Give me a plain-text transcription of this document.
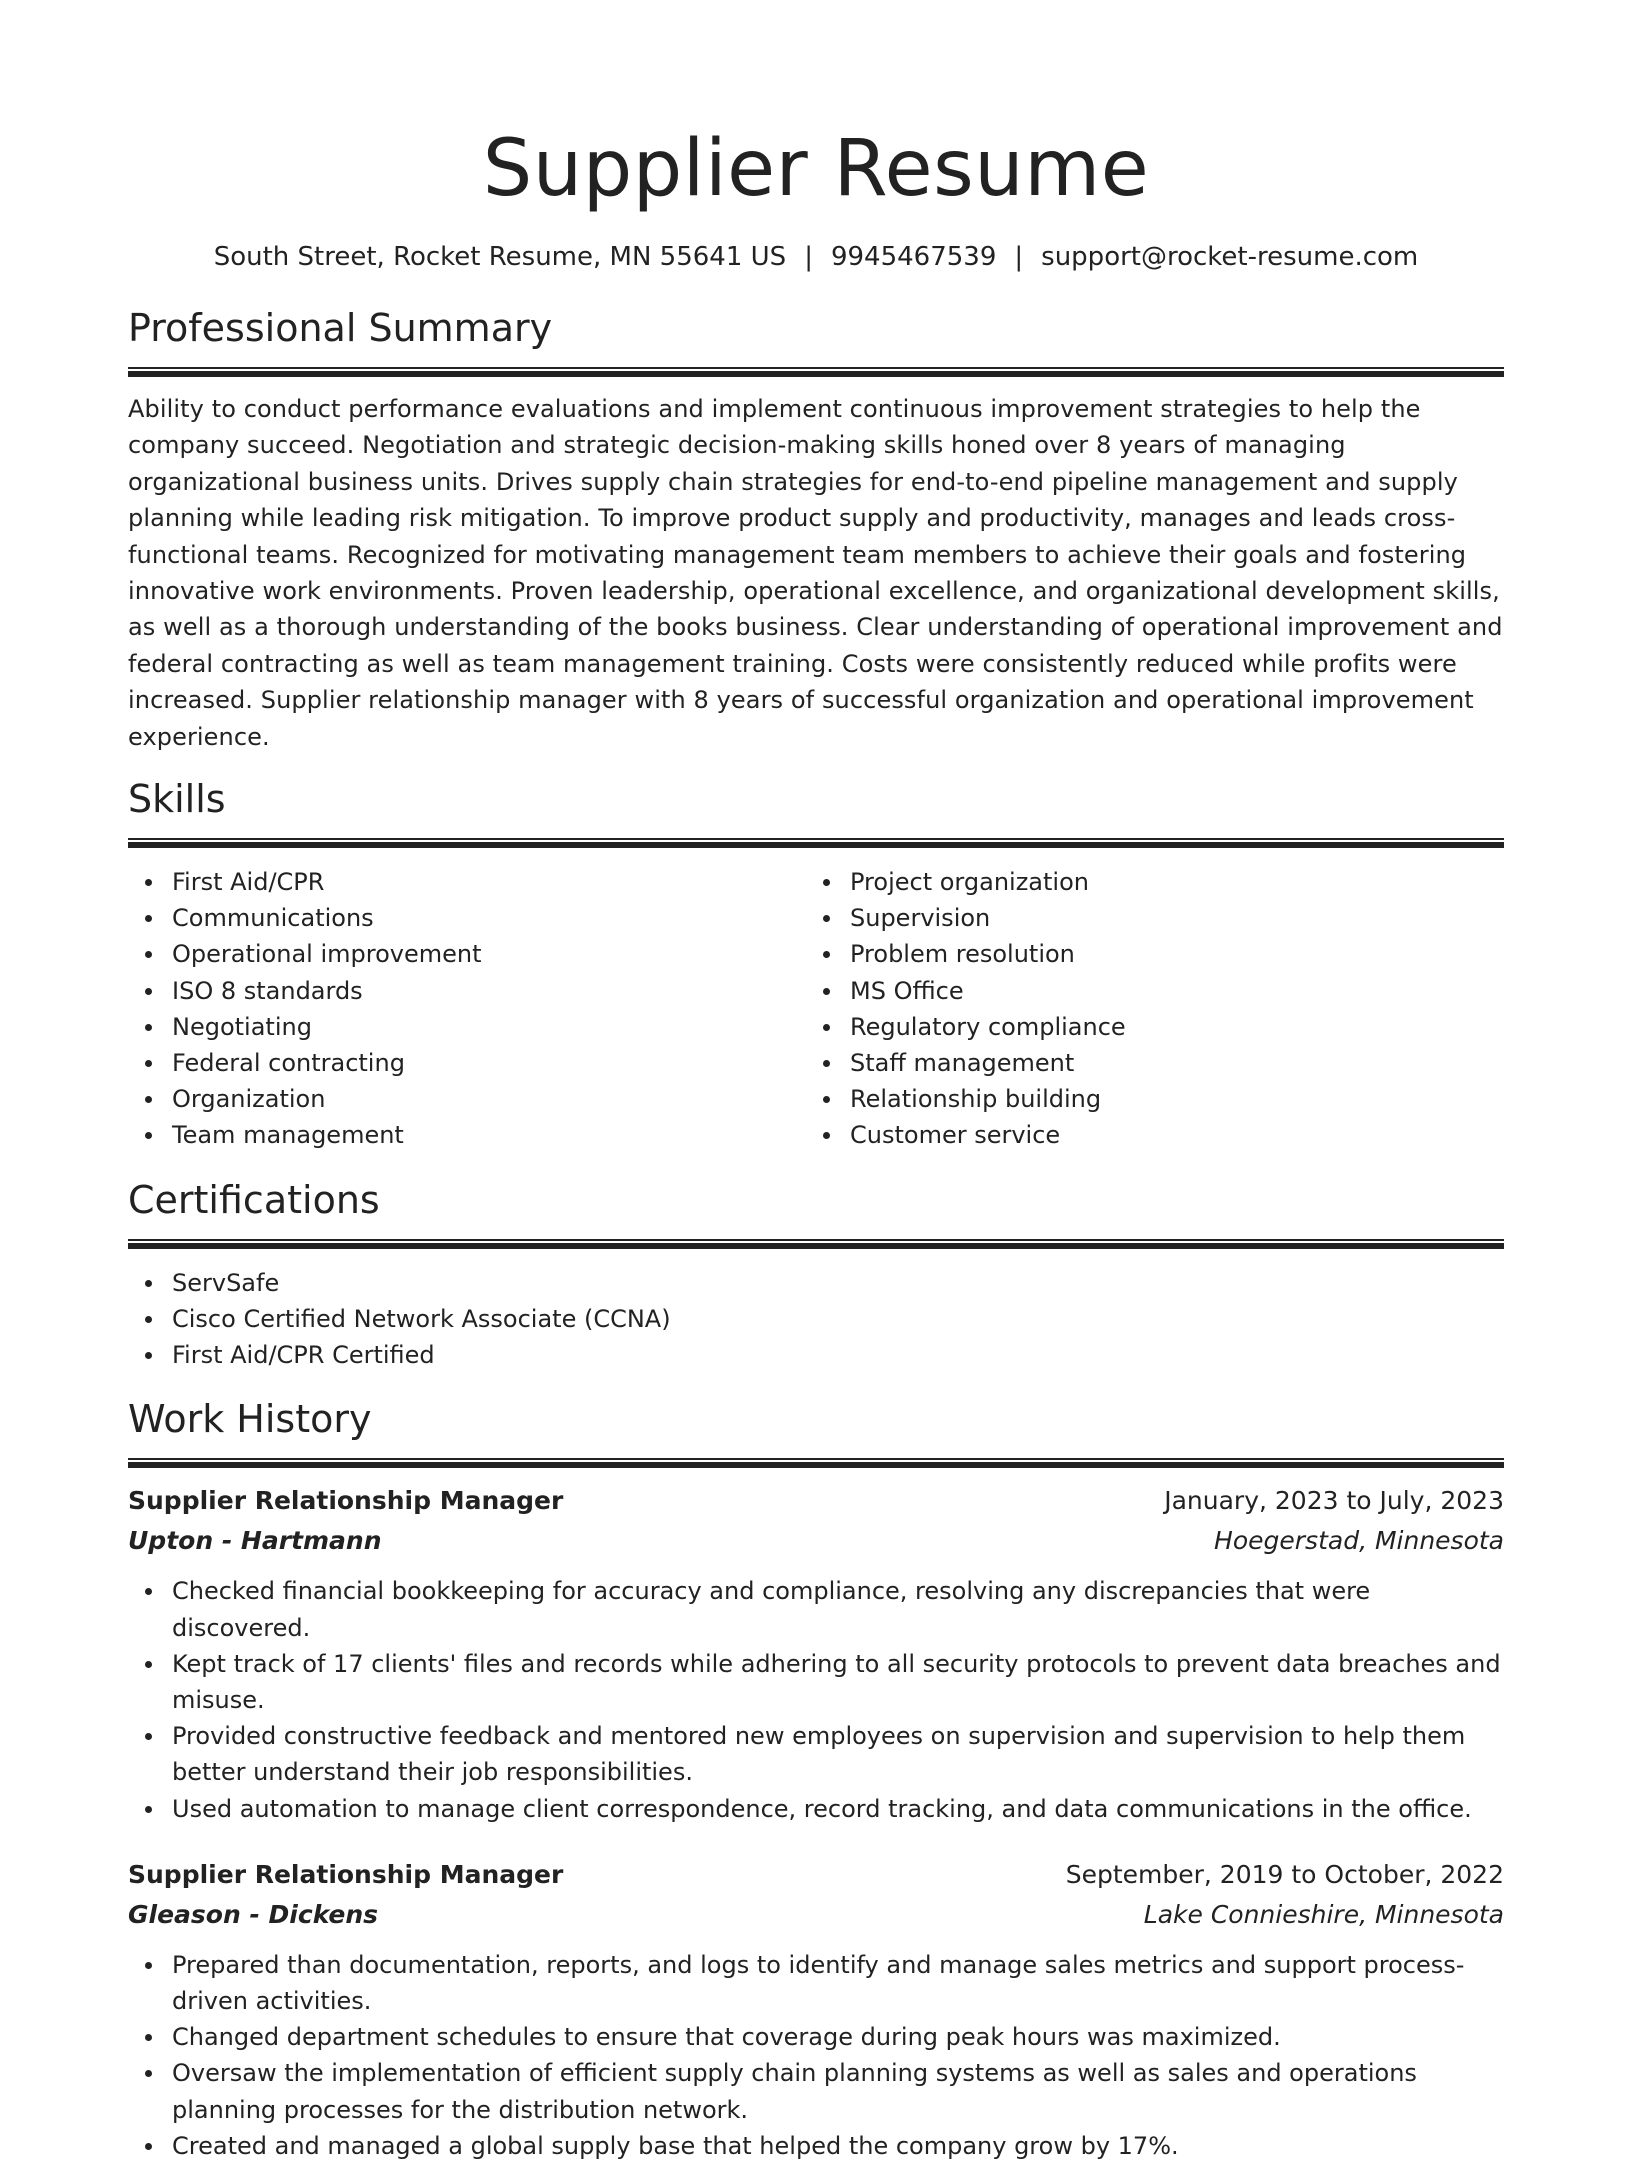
Supplier Resume
South Street, Rocket Resume, MN 55641 US | 9945467539 | support@rocket-resume.com
Professional Summary

Ability to conduct performance evaluations and implement continuous improvement strategies to help the company succeed. Negotiation and strategic decision-making skills honed over 8 years of managing organizational business units. Drives supply chain strategies for end-to-end pipeline management and supply planning while leading risk mitigation. To improve product supply and productivity, manages and leads cross-functional teams. Recognized for motivating management team members to achieve their goals and fostering innovative work environments. Proven leadership, operational excellence, and organizational development skills, as well as a thorough understanding of the books business. Clear understanding of operational improvement and federal contracting as well as team management training. Costs were consistently reduced while profits were increased. Supplier relationship manager with 8 years of successful organization and operational improvement experience.

Skills
First Aid/CPR
Communications
Operational improvement
ISO 8 standards
Negotiating
Federal contracting
Organization
Team management
Project organization
Supervision
Problem resolution
MS Office
Regulatory compliance
Staff management
Relationship building
Customer service
Certifications
ServSafe
Cisco Certified Network Associate (CCNA)
First Aid/CPR Certified
Work History
Supplier Relationship Manager	January, 2023 to July, 2023
Upton - Hartmann	Hoegerstad, Minnesota
Checked financial bookkeeping for accuracy and compliance, resolving any discrepancies that were discovered.
Kept track of 17 clients' files and records while adhering to all security protocols to prevent data breaches and misuse.
Provided constructive feedback and mentored new employees on supervision and supervision to help them better understand their job responsibilities.
Used automation to manage client correspondence, record tracking, and data communications in the office.
Supplier Relationship Manager	September, 2019 to October, 2022
Gleason - Dickens	Lake Connieshire, Minnesota
Prepared than documentation, reports, and logs to identify and manage sales metrics and support process-driven activities.
Changed department schedules to ensure that coverage during peak hours was maximized.
Oversaw the implementation of efficient supply chain planning systems as well as sales and operations planning processes for the distribution network.
Created and managed a global supply base that helped the company grow by 17%.
